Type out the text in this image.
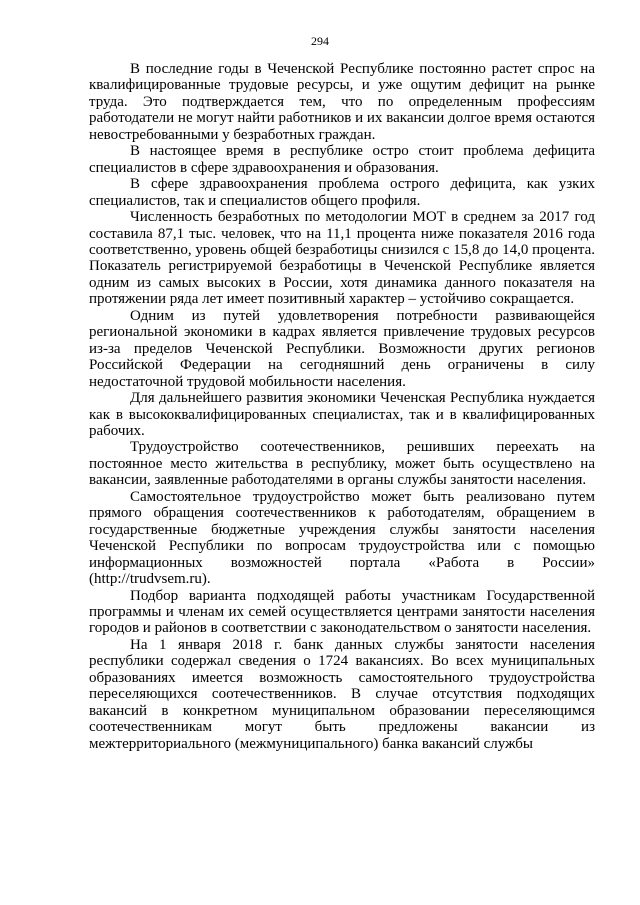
294

В последние годы в Чеченской Республике постоянно растет спрос на квалифицированные трудовые ресурсы, и уже ощутим дефицит на рынке труда. Это подтверждается тем, что по определенным профессиям работодатели не могут найти работников и их вакансии долгое время остаются невостребованными у безработных граждан.

В настоящее время в республике остро стоит проблема дефицита специалистов в сфере здравоохранения и образования.

В сфере здравоохранения проблема острого дефицита, как узких специалистов, так и специалистов общего профиля.

Численность безработных по методологии МОТ в среднем за 2017 год составила 87,1 тыс. человек, что на 11,1 процента ниже показателя 2016 года соответственно, уровень общей безработицы снизился с 15,8 до 14,0 процента. Показатель регистрируемой безработицы в Чеченской Республике является одним из самых высоких в России, хотя динамика данного показателя на протяжении ряда лет имеет позитивный характер – устойчиво сокращается.

Одним из путей удовлетворения потребности развивающейся региональной экономики в кадрах является привлечение трудовых ресурсов из-за пределов Чеченской Республики. Возможности других регионов Российской Федерации на сегодняшний день ограничены в силу недостаточной трудовой мобильности населения.

Для дальнейшего развития экономики Чеченская Республика нуждается как в высококвалифицированных специалистах, так и в квалифицированных рабочих.

Трудоустройство соотечественников, решивших переехать на постоянное место жительства в республику, может быть осуществлено на вакансии, заявленные работодателями в органы службы занятости населения.

Самостоятельное трудоустройство может быть реализовано путем прямого обращения соотечественников к работодателям, обращением в государственные бюджетные учреждения службы занятости населения Чеченской Республики по вопросам трудоустройства или с помощью информационных возможностей портала «Работа в России» (http://trudvsem.ru).

Подбор варианта подходящей работы участникам Государственной программы и членам их семей осуществляется центрами занятости населения городов и районов в соответствии с законодательством о занятости населения.

На 1 января 2018 г. банк данных службы занятости населения республики содержал сведения о 1724 вакансиях. Во всех муниципальных образованиях имеется возможность самостоятельного трудоустройства переселяющихся соотечественников. В случае отсутствия подходящих вакансий в конкретном муниципальном образовании переселяющимся соотечественникам могут быть предложены вакансии из межтерриториального (межмуниципального) банка вакансий службы
